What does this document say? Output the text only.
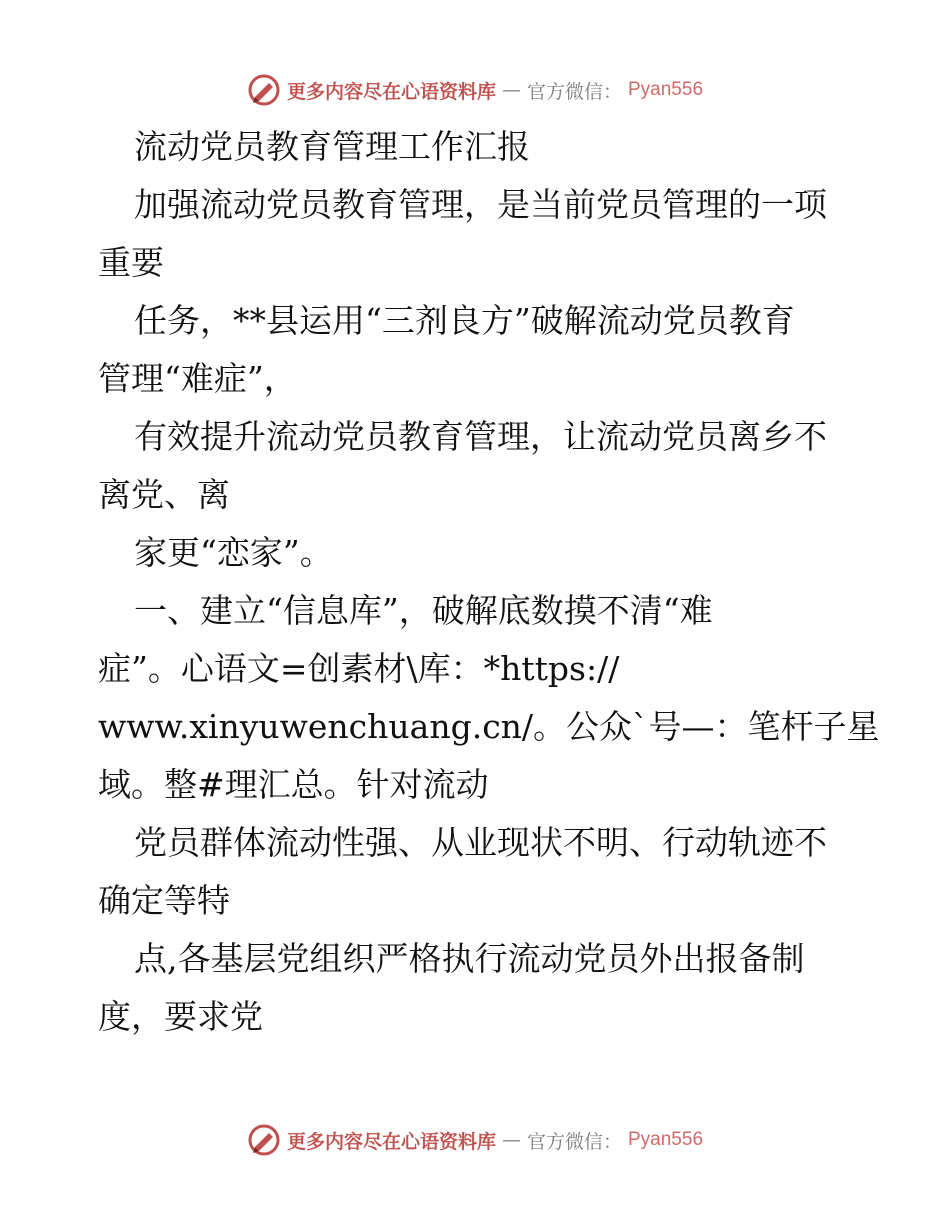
更多内容尽在心语资料库 — 官方微信： Pyan556
流动党员教育管理工作汇报
加强流动党员教育管理，是当前党员管理的一项
重要
任务，**县运用“三剂良方”破解流动党员教育
管理“难症”，
有效提升流动党员教育管理，让流动党员离乡不
离党、离
家更“恋家”。
一、建立“信息库”，破解底数摸不清“难
症”。心语文=创素材\库：*https://
www.xinyuwenchuang.cn/。公众`号—：笔杆子星
域。整#理汇总。针对流动
党员群体流动性强、从业现状不明、行动轨迹不
确定等特
点,各基层党组织严格执行流动党员外出报备制
度，要求党
更多内容尽在心语资料库 — 官方微信： Pyan556
